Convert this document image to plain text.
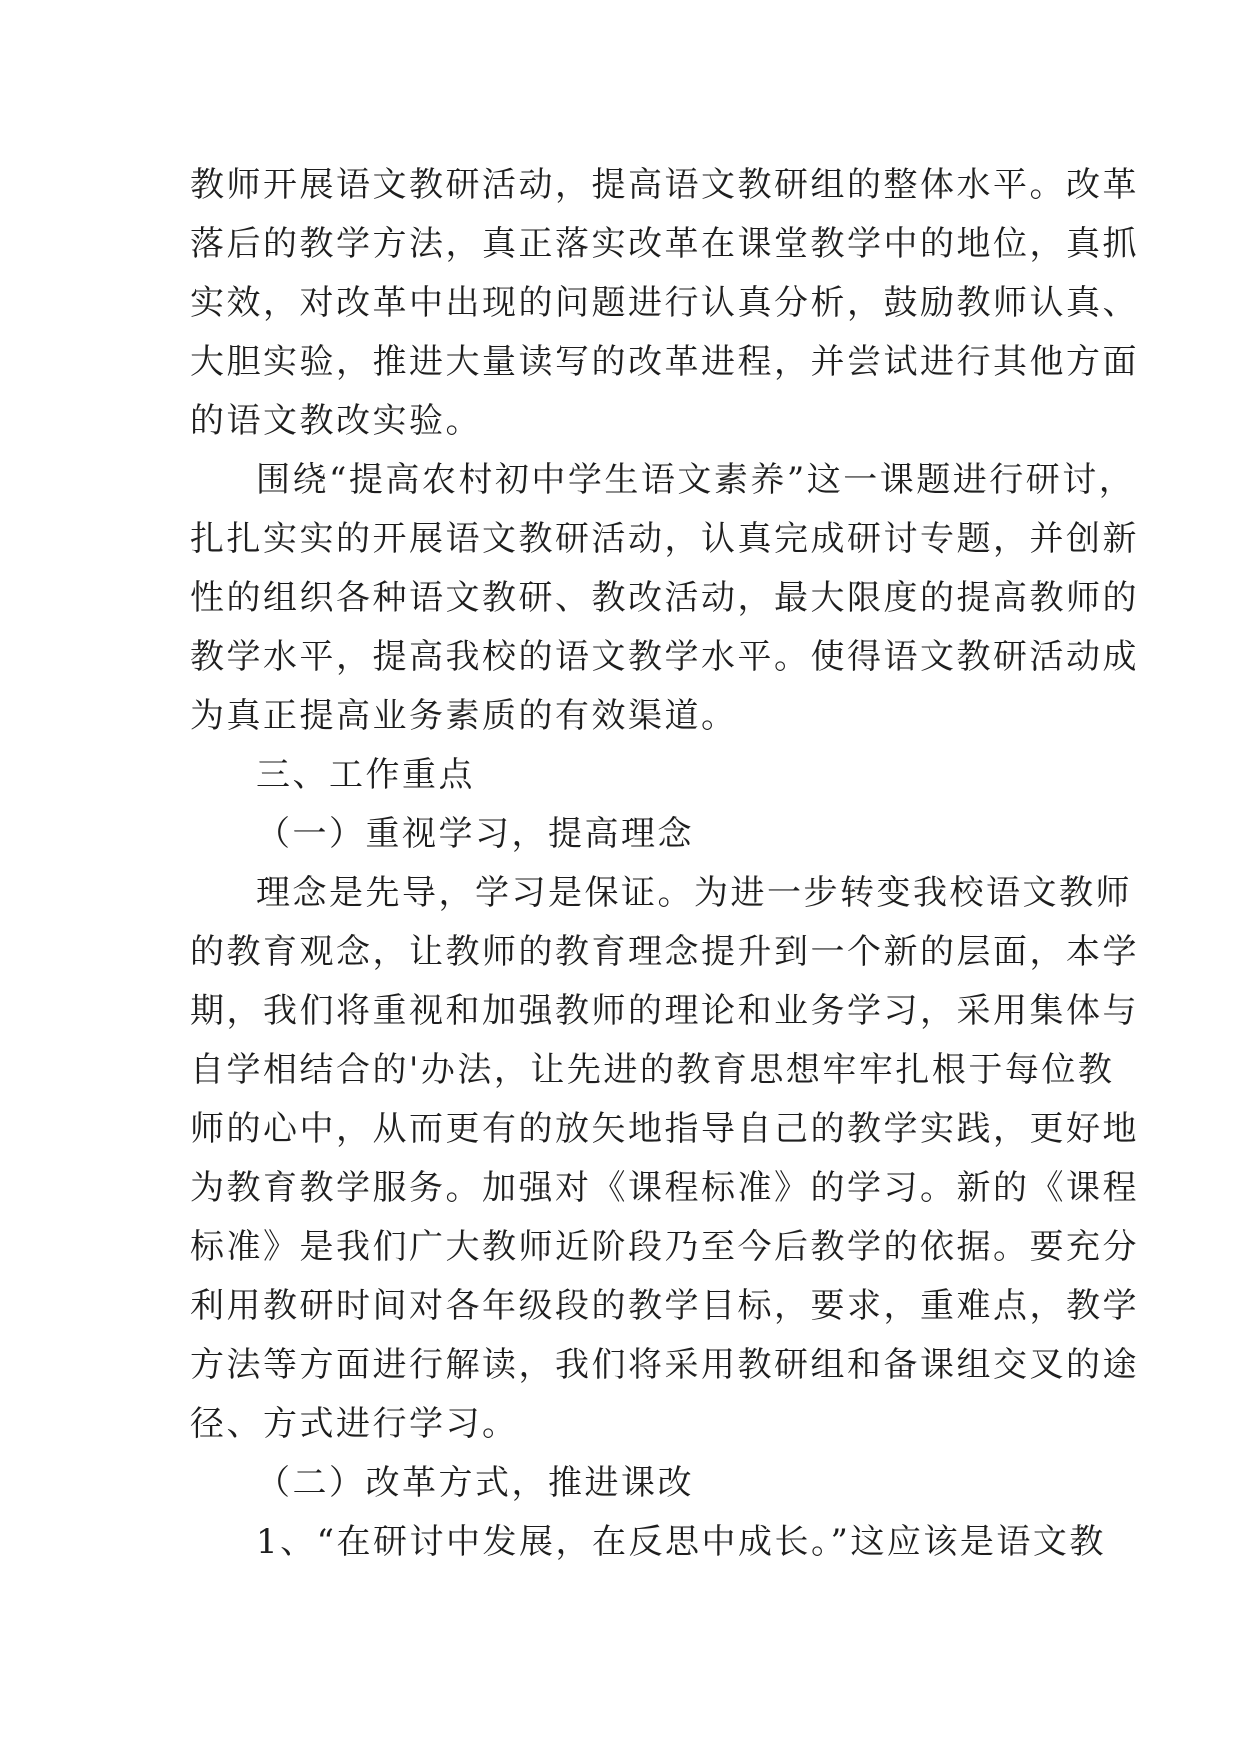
教师开展语文教研活动，提高语文教研组的整体水平。改革
落后的教学方法，真正落实改革在课堂教学中的地位，真抓
实效，对改革中出现的问题进行认真分析，鼓励教师认真、
大胆实验，推进大量读写的改革进程，并尝试进行其他方面
的语文教改实验。
围绕“提高农村初中学生语文素养”这一课题进行研讨，
扎扎实实的开展语文教研活动，认真完成研讨专题，并创新
性的组织各种语文教研、教改活动，最大限度的提高教师的
教学水平，提高我校的语文教学水平。使得语文教研活动成
为真正提高业务素质的有效渠道。
三、工作重点
（一）重视学习，提高理念
理念是先导，学习是保证。为进一步转变我校语文教师
的教育观念，让教师的教育理念提升到一个新的层面，本学
期，我们将重视和加强教师的理论和业务学习，采用集体与
自学相结合的'办法，让先进的教育思想牢牢扎根于每位教
师的心中，从而更有的放矢地指导自己的教学实践，更好地
为教育教学服务。加强对《课程标准》的学习。新的《课程
标准》是我们广大教师近阶段乃至今后教学的依据。要充分
利用教研时间对各年级段的教学目标，要求，重难点，教学
方法等方面进行解读，我们将采用教研组和备课组交叉的途
径、方式进行学习。
（二）改革方式，推进课改
1、“在研讨中发展，在反思中成长。”这应该是语文教
